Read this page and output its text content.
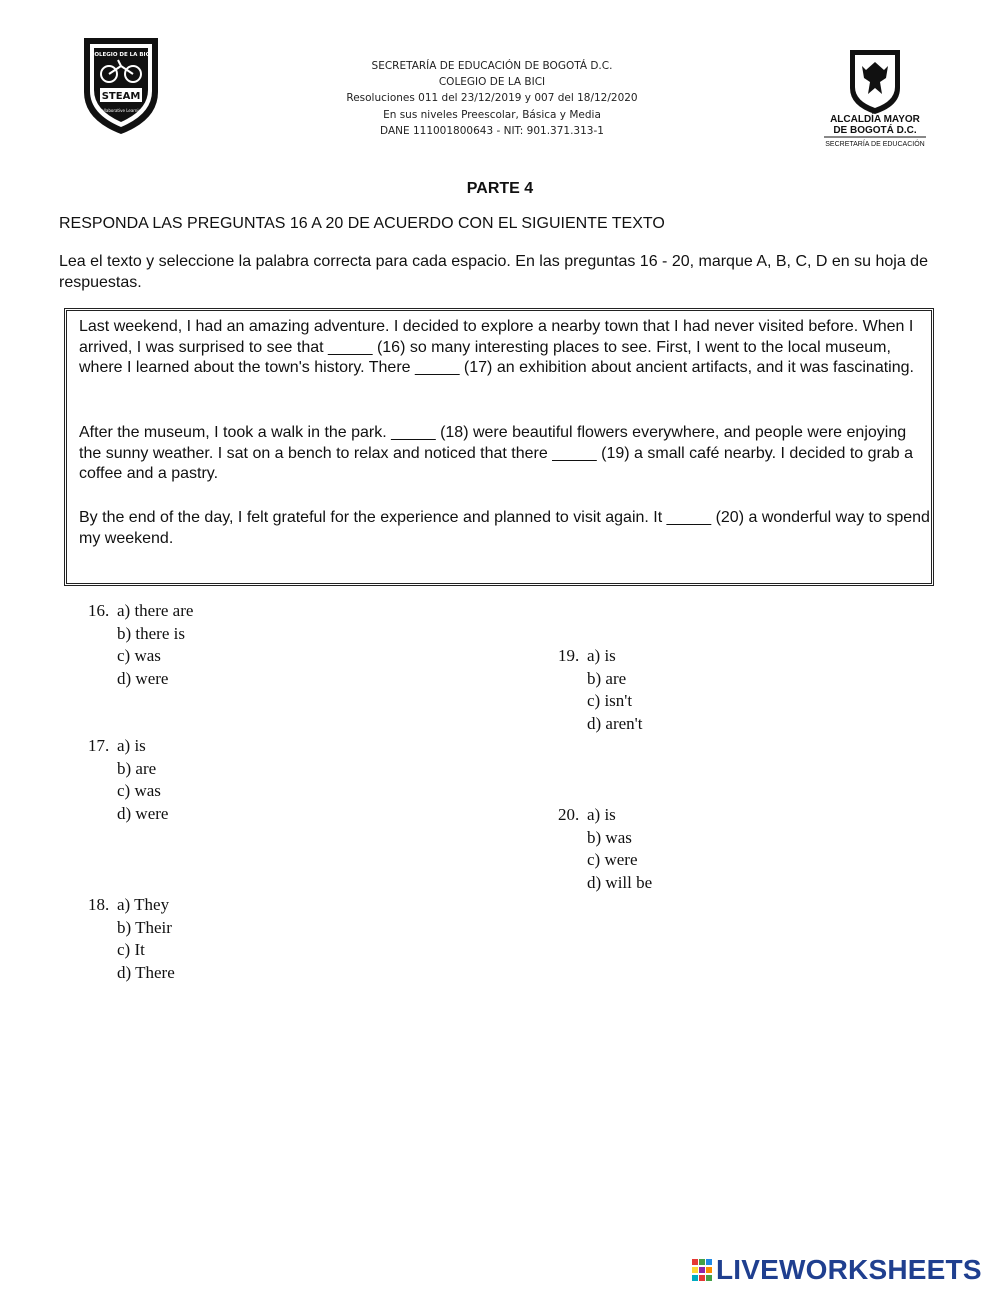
COLEGIO DE LA BICI
STEAM
Collaborative Learning
SECRETARÍA DE EDUCACIÓN DE BOGOTÁ D.C.
COLEGIO DE LA BICI
Resoluciones 011 del 23/12/2019 y 007 del 18/12/2020
En sus niveles Preescolar, Básica y Media
DANE 111001800643 - NIT: 901.371.313-1
ALCALDÍA MAYOR
DE BOGOTÁ D.C.
SECRETARÍA DE EDUCACIÓN
PARTE 4
RESPONDA LAS PREGUNTAS 16 A 20 DE ACUERDO CON EL SIGUIENTE TEXTO
Lea el texto y seleccione la palabra correcta para cada espacio. En las preguntas 16 - 20, marque A, B, C, D en su hoja de respuestas.
Last weekend, I had an amazing adventure. I decided to explore a nearby town that I had never visited before. When I arrived, I was surprised to see that _____ (16) so many interesting places to see. First, I went to the local museum, where I learned about the town's history. There _____ (17) an exhibition about ancient artifacts, and it was fascinating.
After the museum, I took a walk in the park. _____ (18) were beautiful flowers everywhere, and people were enjoying the sunny weather. I sat on a bench to relax and noticed that there _____ (19) a small café nearby. I decided to grab a coffee and a pastry.
By the end of the day, I felt grateful for the experience and planned to visit again. It _____ (20) a wonderful way to spend my weekend.
16. a) there are
b) there is
c) was
d) were
17. a) is
b) are
c) was
d) were
18. a) They
b) Their
c) It
d) There
19. a) is
b) are
c) isn't
d) aren't
20. a) is
b) was
c) were
d) will be
LIVEWORKSHEETS
